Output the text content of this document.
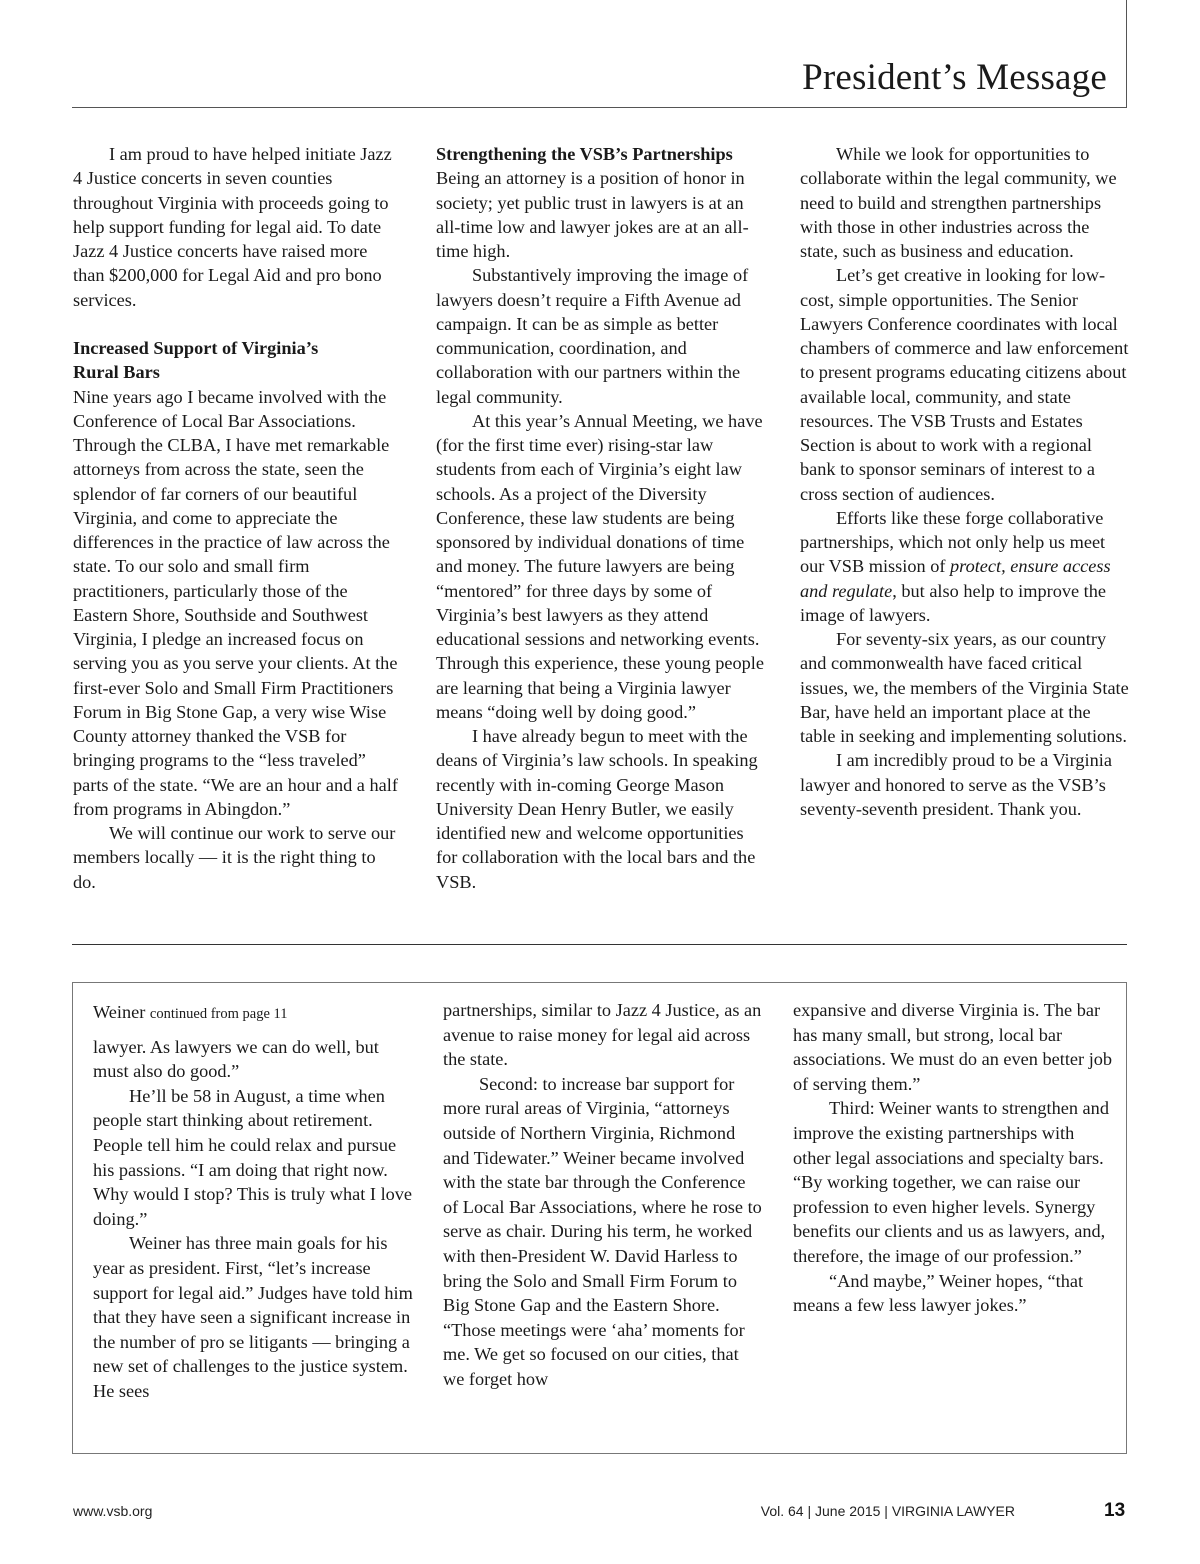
President’s Message

I am proud to have helped initiate Jazz 4 Justice concerts in seven counties throughout Virginia with proceeds going to help support funding for legal aid. To date Jazz 4 Justice concerts have raised more than $200,000 for Legal Aid and pro bono services.

Increased Support of Virginia’s
Rural Bars

Nine years ago I became involved with the Conference of Local Bar Associations. Through the CLBA, I have met remarkable attorneys from across the state, seen the splendor of far corners of our beautiful Virginia, and come to appreciate the differences in the practice of law across the state. To our solo and small firm practitioners, particularly those of the Eastern Shore, Southside and Southwest Virginia, I pledge an increased focus on serving you as you serve your clients. At the first-ever Solo and Small Firm Practitioners Forum in Big Stone Gap, a very wise Wise County attorney thanked the VSB for bringing programs to the “less traveled” parts of the state. “We are an hour and a half from programs in Abingdon.”

We will continue our work to serve our members locally — it is the right thing to do.

Strengthening the VSB’s Partnerships

Being an attorney is a position of honor in society; yet public trust in lawyers is at an all-time low and lawyer jokes are at an all-time high.

Substantively improving the image of lawyers doesn’t require a Fifth Avenue ad campaign. It can be as simple as better communication, coordination, and collaboration with our partners within the legal community.

At this year’s Annual Meeting, we have (for the first time ever) rising-star law students from each of Virginia’s eight law schools. As a project of the Diversity Conference, these law students are being sponsored by individual donations of time and money. The future lawyers are being “mentored” for three days by some of Virginia’s best lawyers as they attend educational sessions and networking events. Through this experience, these young people are learning that being a Virginia lawyer means “doing well by doing good.”

I have already begun to meet with the deans of Virginia’s law schools. In speaking recently with in-coming George Mason University Dean Henry Butler, we easily identified new and welcome opportunities for collaboration with the local bars and the VSB.

While we look for opportunities to collaborate within the legal community, we need to build and strengthen partnerships with those in other industries across the state, such as business and education.

Let’s get creative in looking for low-cost, simple opportunities. The Senior Lawyers Conference coordinates with local chambers of commerce and law enforcement to present programs educating citizens about available local, community, and state resources. The VSB Trusts and Estates Section is about to work with a regional bank to sponsor seminars of interest to a cross section of audiences.

Efforts like these forge collaborative partnerships, which not only help us meet our VSB mission of protect, ensure access and regulate, but also help to improve the image of lawyers.

For seventy-six years, as our country and commonwealth have faced critical issues, we, the members of the Virginia State Bar, have held an important place at the table in seeking and implementing solutions.

I am incredibly proud to be a Virginia lawyer and honored to serve as the VSB’s seventy-seventh president. Thank you.

Weiner continued from page 11

lawyer. As lawyers we can do well, but must also do good.”

He’ll be 58 in August, a time when people start thinking about retirement. People tell him he could relax and pursue his passions. “I am doing that right now. Why would I stop? This is truly what I love doing.”

Weiner has three main goals for his year as president. First, “let’s increase support for legal aid.” Judges have told him that they have seen a significant increase in the number of pro se litigants — bringing a new set of challenges to the justice system. He sees

partnerships, similar to Jazz 4 Justice, as an avenue to raise money for legal aid across the state.

Second: to increase bar support for more rural areas of Virginia, “attorneys outside of Northern Virginia, Richmond and Tidewater.” Weiner became involved with the state bar through the Conference of Local Bar Associations, where he rose to serve as chair. During his term, he worked with then-President W. David Harless to bring the Solo and Small Firm Forum to Big Stone Gap and the Eastern Shore. “Those meetings were ‘aha’ moments for me. We get so focused on our cities, that we forget how

expansive and diverse Virginia is. The bar has many small, but strong, local bar associations. We must do an even better job of serving them.”

Third: Weiner wants to strengthen and improve the existing partnerships with other legal associations and specialty bars. “By working together, we can raise our profession to even higher levels. Synergy benefits our clients and us as lawyers, and, therefore, the image of our profession.”

“And maybe,” Weiner hopes, “that means a few less lawyer jokes.”

www.vsb.org	Vol. 64 | June 2015 | VIRGINIA LAWYER	13
